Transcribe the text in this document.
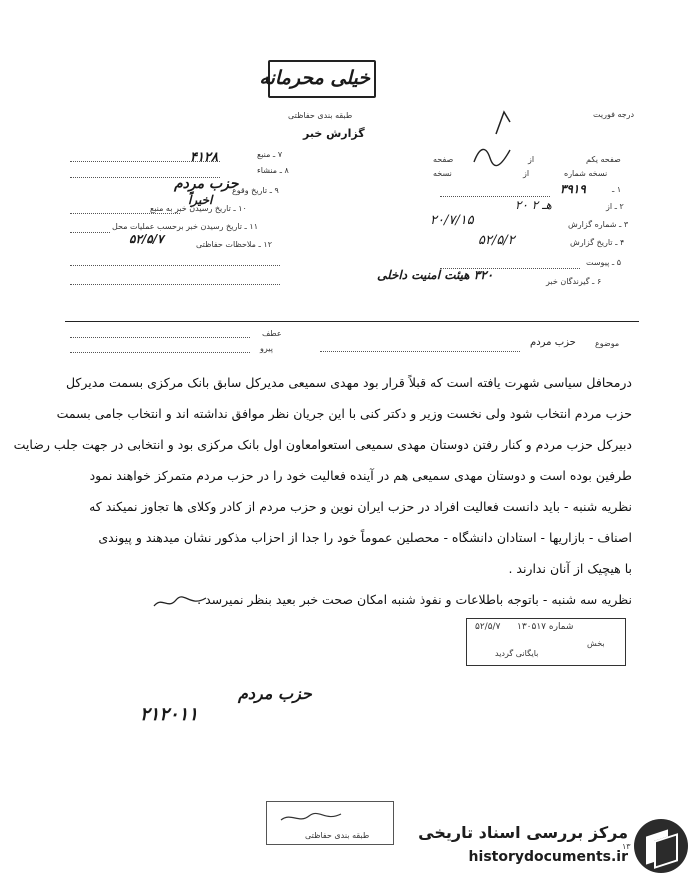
خیلی محرمانه
طبقه بندی حفاظتی
گزارش خبر
درجه فوریت
۴۱۲۸	۷ ـ منبع
۸ ـ منشاء
حزب مردم
۹ ـ تاریخ وقوع
اخیراً
۱۰ ـ تاریخ رسیدن خبر به منبع
۱۱ ـ تاریخ رسیدن خبر برحسب عملیات محل
۵۲/۵/۷	۱۲ ـ ملاحظات حفاظتی
صفحه یکم
از
صفحه
نسخه شماره
از
نسخه
۱ ـ
۳۹۱۹
۲ ـ از
۲۰ هـ ۲
۳ ـ شماره گزارش
۲۰/۷/۱۵
۴ ـ تاریخ گزارش
۵۲/۵/۲
۵ ـ پیوست
۶ ـ گیرندگان خبر
۳۲۰ هیئت امنیت داخلی
عطف
پیرو
موضوع
حزب مردم
درمحافل سیاسی شهرت یافته است که قبلاً قرار بود مهدی سمیعی مدیرکل سابق بانک مرکزی بسمت مدیرکل
حزب مردم انتخاب شود ولی نخست وزیر و دکتر کنی با این جریان نظر موافق نداشته اند و انتخاب جامی بسمت
دبیرکل حزب مردم و کنار رفتن دوستان مهدی سمیعی استعوامعاون اول بانک مرکزی بود و انتخابی در جهت جلب رضایت
طرفین بوده است و دوستان مهدی سمیعی هم در آینده فعالیت خود را در حزب مردم متمرکز خواهند نمود
نظریه شنبه - باید دانست فعالیت افراد در حزب ایران نوین و حزب مردم از کادر وکلای ها تجاوز نمیکند که
اصناف - بازاریها - استادان دانشگاه - محصلین عموماً خود را جدا از احزاب مذکور نشان میدهند و پیوندی
با هیچیک از آنان ندارند .
نظریه سه شنبه - باتوجه باطلاعات و نفوذ شنبه امکان صحت خبر بعید بنظر نمیرسد .
شماره ۱۳۰۵۱۷
۵۲/۵/۷
بخش
بایگانی گردید
حزب مردم
۲۱۲۰۱۱
طبقه بندی حفاظتی
۱۳
مرکز بررسی اسناد تاریخی
historydocuments.ir
